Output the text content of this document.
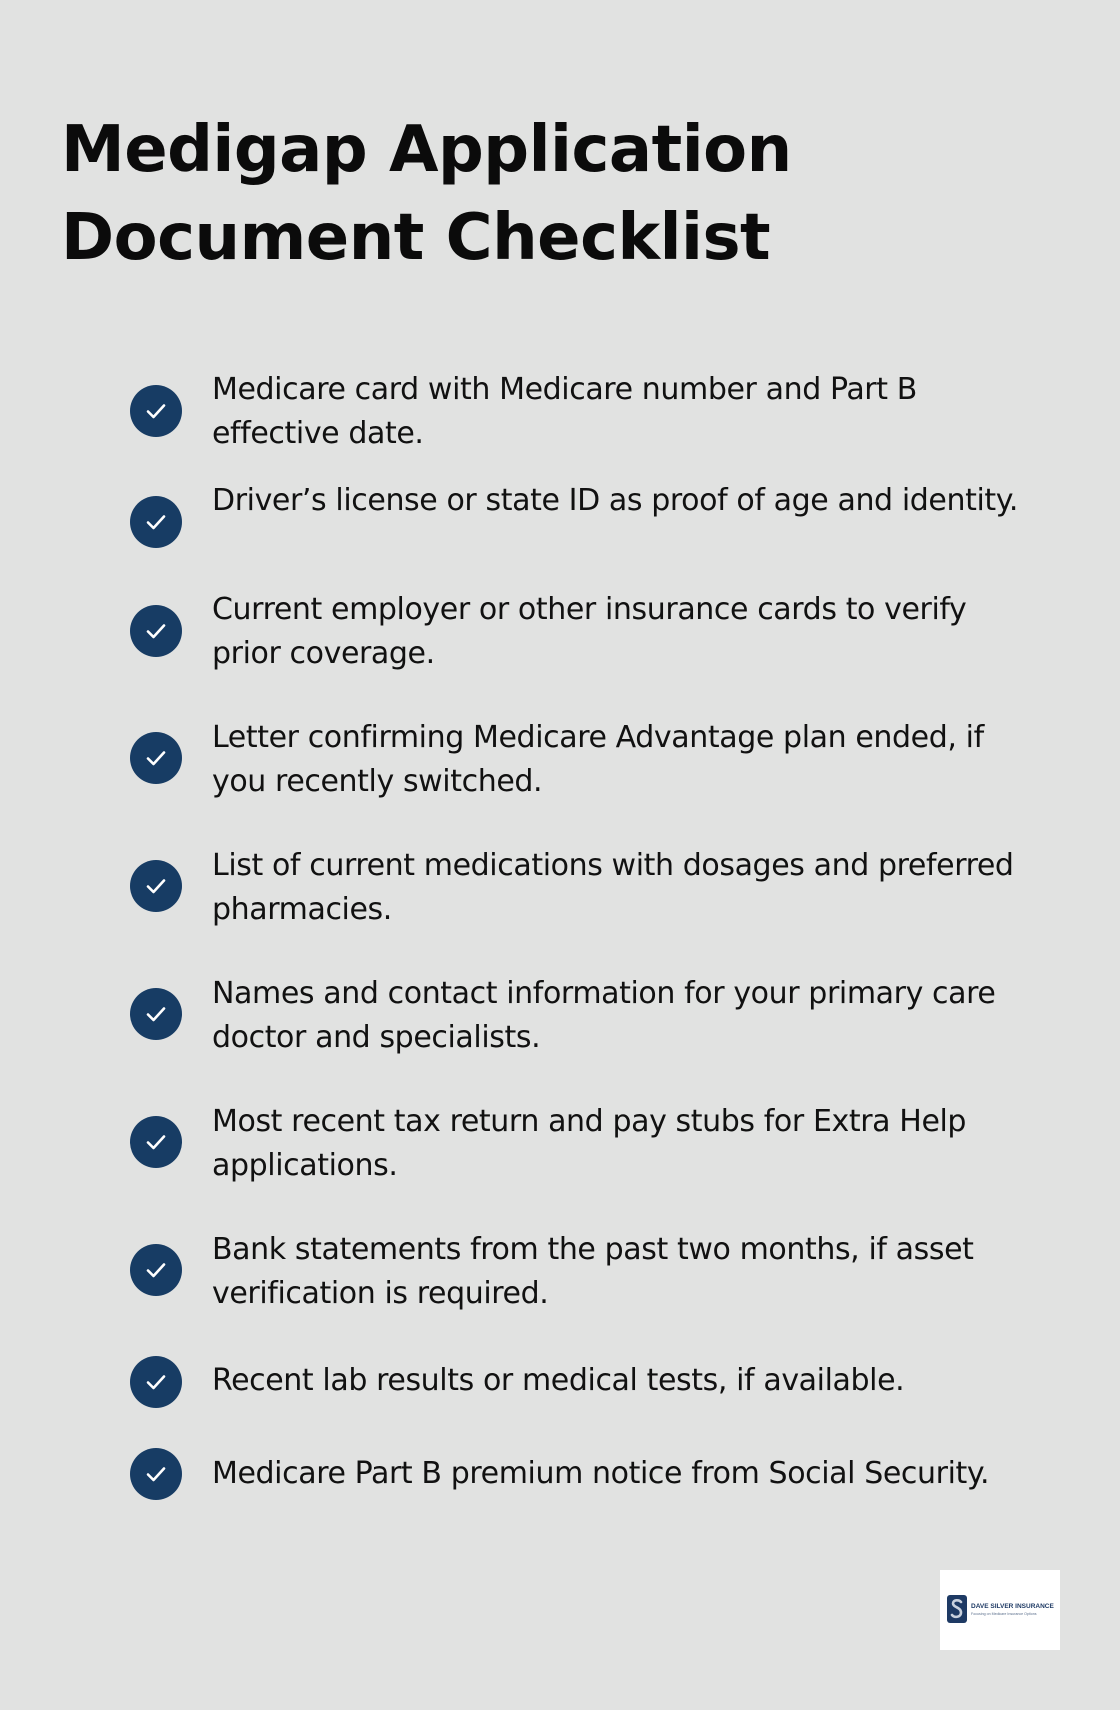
Medigap Application Document Checklist
Medicare card with Medicare number and Part B effective date.
Driver’s license or state ID as proof of age and identity.
Current employer or other insurance cards to verify prior coverage.
Letter confirming Medicare Advantage plan ended, if you recently switched.
List of current medications with dosages and preferred pharmacies.
Names and contact information for your primary care doctor and specialists.
Most recent tax return and pay stubs for Extra Help applications.
Bank statements from the past two months, if asset verification is required.
Recent lab results or medical tests, if available.
Medicare Part B premium notice from Social Security.
DAVE SILVER INSURANCE
Focusing on Medicare Insurance Options
